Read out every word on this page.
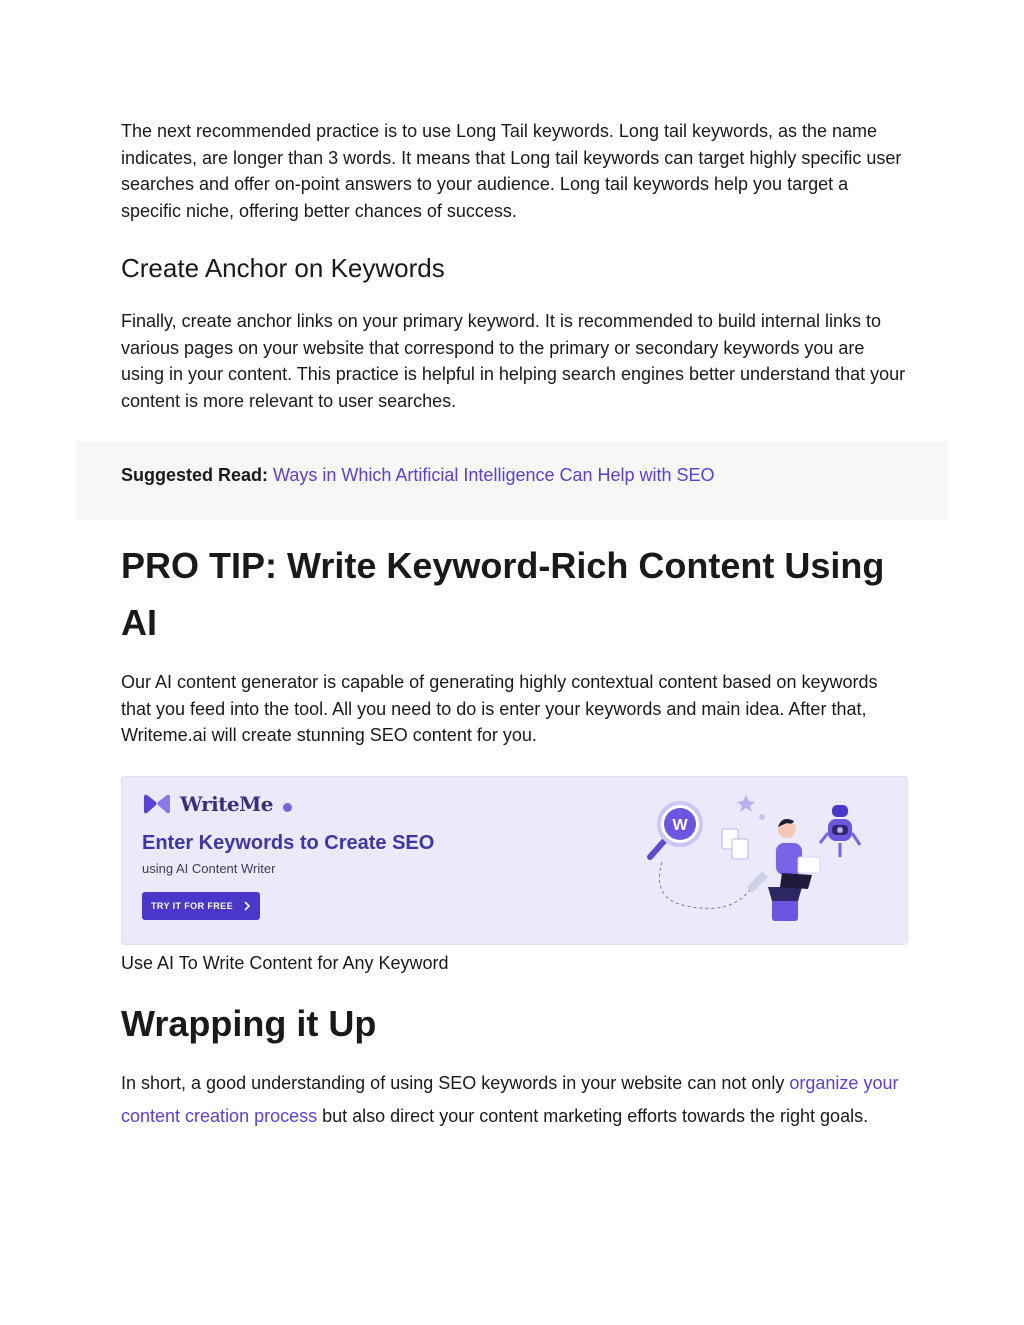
The next recommended practice is to use Long Tail keywords. Long tail keywords, as the name indicates, are longer than 3 words. It means that Long tail keywords can target highly specific user searches and offer on-point answers to your audience. Long tail keywords help you target a specific niche, offering better chances of success.

Create Anchor on Keywords

Finally, create anchor links on your primary keyword. It is recommended to build internal links to various pages on your website that correspond to the primary or secondary keywords you are using in your content. This practice is helpful in helping search engines better understand that your content is more relevant to user searches.

Suggested Read: Ways in Which Artificial Intelligence Can Help with SEO
PRO TIP: Write Keyword-Rich Content Using AI

Our AI content generator is capable of generating highly contextual content based on keywords that you feed into the tool. All you need to do is enter your keywords and main idea. After that, Writeme.ai will create stunning SEO content for you.

WriteMe
Enter Keywords to Create SEO
using AI Content Writer
TRY IT FOR FREE
W
Use AI To Write Content for Any Keyword
Wrapping it Up

In short, a good understanding of using SEO keywords in your website can not only organize your content creation process but also direct your content marketing efforts towards the right goals.
